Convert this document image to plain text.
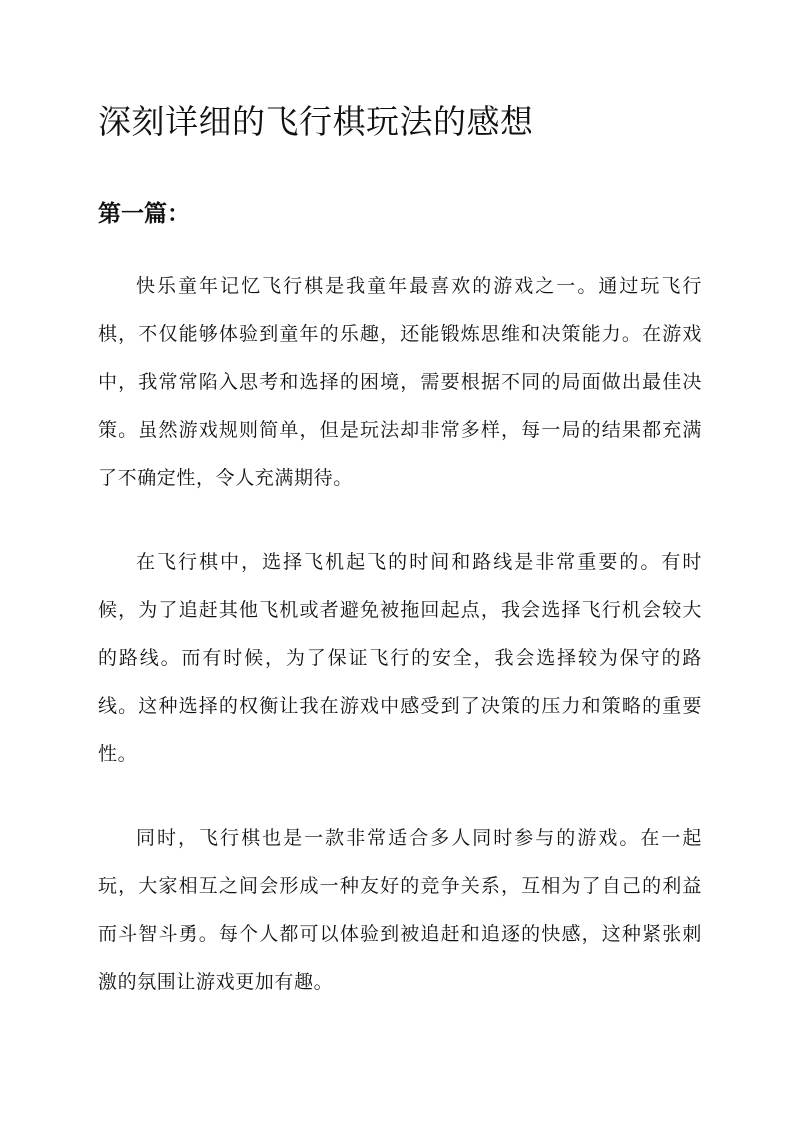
深刻详细的飞行棋玩法的感想
第一篇：

快乐童年记忆飞行棋是我童年最喜欢的游戏之一。通过玩飞行棋，不仅能够体验到童年的乐趣，还能锻炼思维和决策能力。在游戏中，我常常陷入思考和选择的困境，需要根据不同的局面做出最佳决策。虽然游戏规则简单，但是玩法却非常多样，每一局的结果都充满了不确定性，令人充满期待。

在飞行棋中，选择飞机起飞的时间和路线是非常重要的。有时候，为了追赶其他飞机或者避免被拖回起点，我会选择飞行机会较大的路线。而有时候，为了保证飞行的安全，我会选择较为保守的路线。这种选择的权衡让我在游戏中感受到了决策的压力和策略的重要性。

同时，飞行棋也是一款非常适合多人同时参与的游戏。在一起玩，大家相互之间会形成一种友好的竞争关系，互相为了自己的利益而斗智斗勇。每个人都可以体验到被追赶和追逐的快感，这种紧张刺激的氛围让游戏更加有趣。
